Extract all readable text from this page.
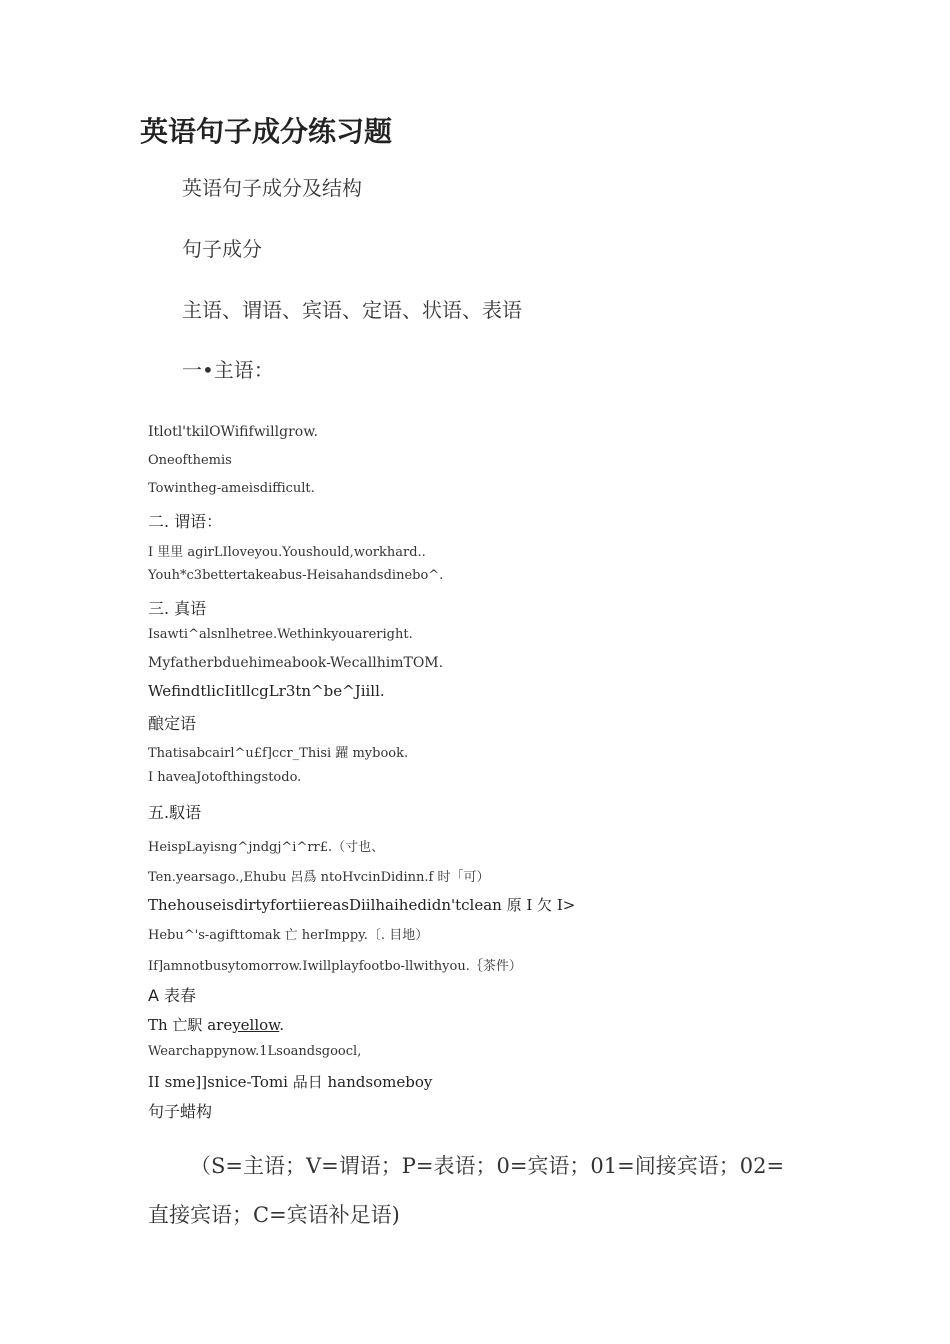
英语句子成分练习题

英语句子成分及结构

句子成分

主语、谓语、宾语、定语、状语、表语

一•主语：

Itlotl'tkilOWififwillgrow.

Oneofthemis

Towintheg-ameisdifficult.

二. 谓语：

I 里里 agirLIloveyou.Youshould,workhard..

Youh*c3bettertakeabus-Heisahandsdinebo^.

三. 真语

Isawti^alsnlhetree.Wethinkyouareright.

Myfatherbduehimeabook-WecallhimTOM.

WefindtlicIitllcgLr3tn^be^Jiill.

酿定语

Thatisabcairl^u£f]ccr_Thisi 躍 mybook.

I haveaJotofthingstodo.

五.馭语

HeispLayisng^jndgj^i^rr£.（寸也、

Ten.yearsago.,Ehubu 呂爲 ntoHvcinDidinn.f 时「可）

ThehouseisdirtyfortiiereasDiilhaihedidn'tclean 原 I 欠 I>

Hebu^'s-agifttomak 亡 herImppy.〔. 目地）

If]amnotbusytomorrow.Iwillplayfootbo-llwithyou.｛茶件）

A 表春

Th 亡駅 areyellow.

Wearchappynow.1Lsoandsgoocl,

II sme]]snice-Tomi 品日 handsomeboy

句子蜡构

（S=主语；V=谓语；P=表语；0=宾语；01=间接宾语；02=

直接宾语；C=宾语补足语)
